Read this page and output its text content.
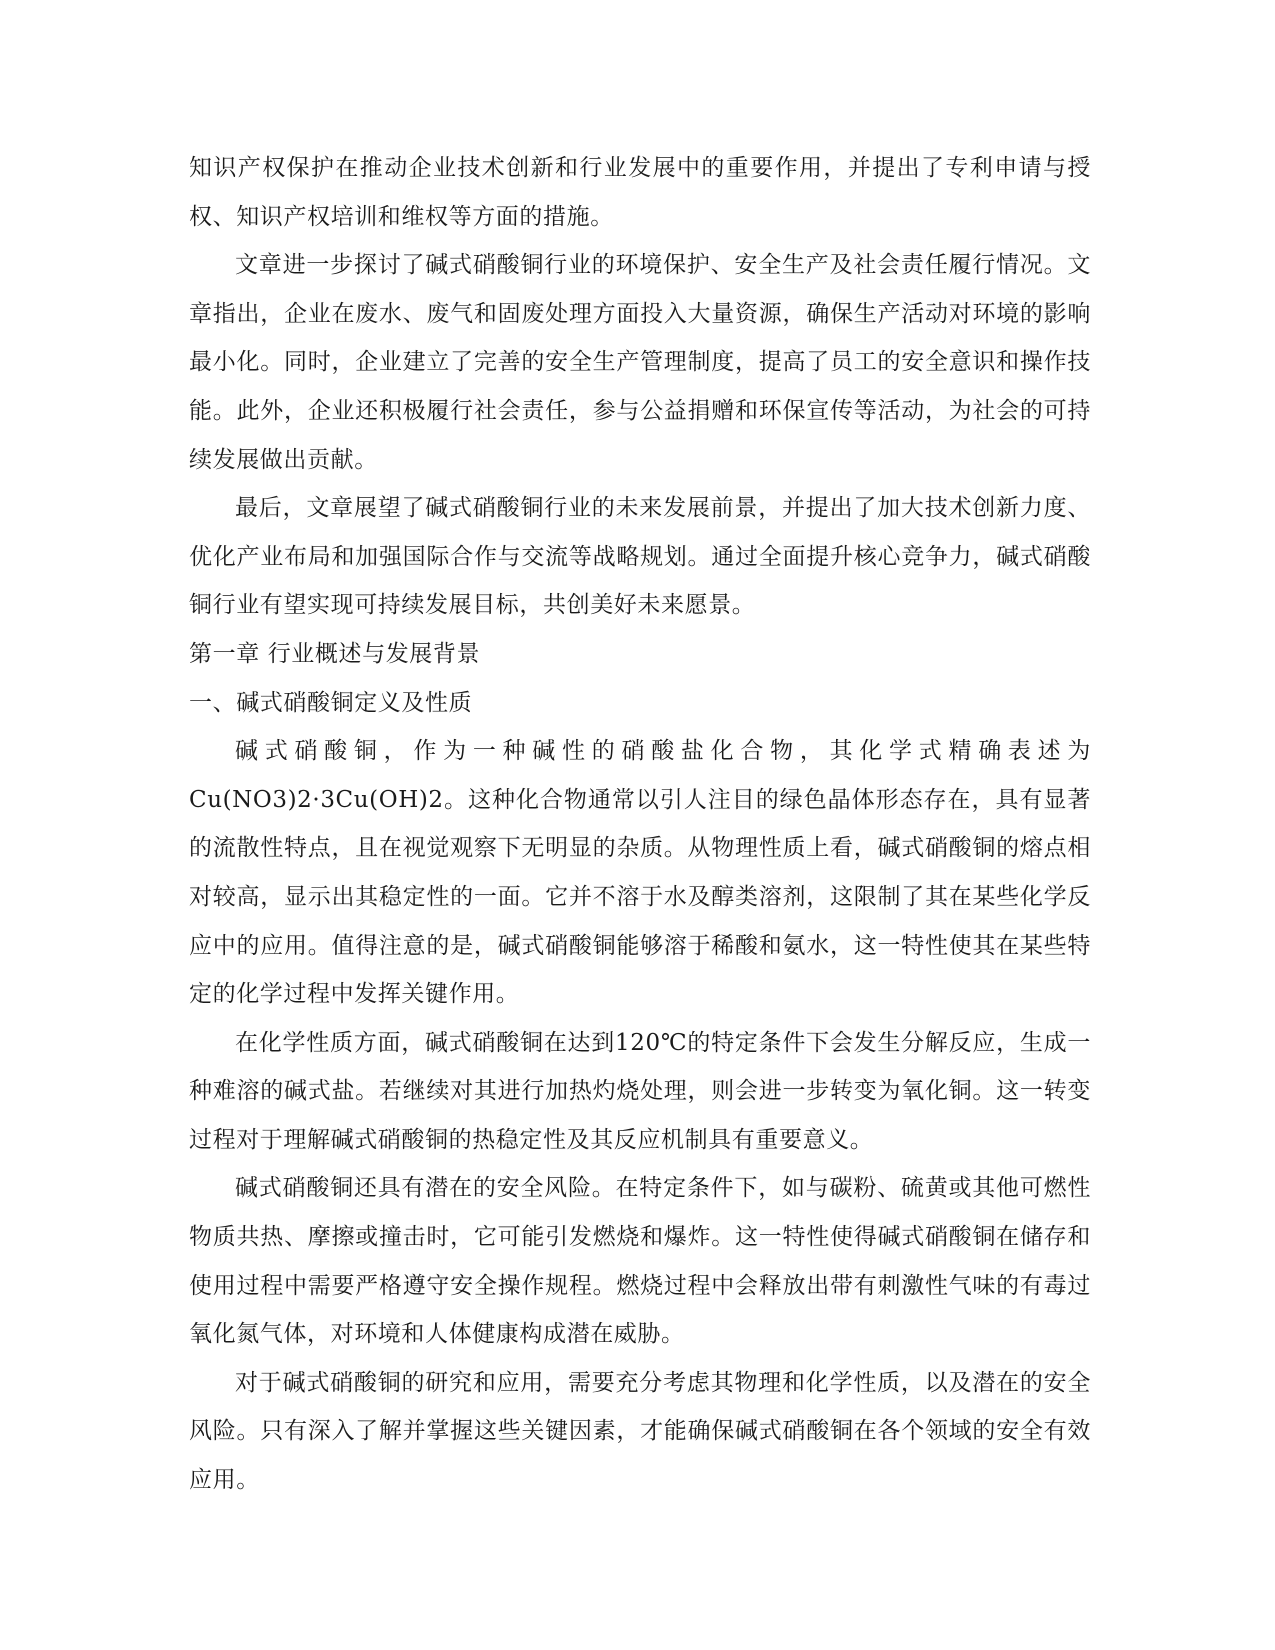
知识产权保护在推动企业技术创新和行业发展中的重要作用，并提出了专利申请与授权、知识产权培训和维权等方面的措施。

文章进一步探讨了碱式硝酸铜行业的环境保护、安全生产及社会责任履行情况。文章指出，企业在废水、废气和固废处理方面投入大量资源，确保生产活动对环境的影响最小化。同时，企业建立了完善的安全生产管理制度，提高了员工的安全意识和操作技能。此外，企业还积极履行社会责任，参与公益捐赠和环保宣传等活动，为社会的可持续发展做出贡献。

最后，文章展望了碱式硝酸铜行业的未来发展前景，并提出了加大技术创新力度、优化产业布局和加强国际合作与交流等战略规划。通过全面提升核心竞争力，碱式硝酸铜行业有望实现可持续发展目标，共创美好未来愿景。

第一章 行业概述与发展背景

一、碱式硝酸铜定义及性质

碱式硝酸铜，作为一种碱性的硝酸盐化合物，其化学式精确表述为Cu(NO3)2·3Cu(OH)2。这种化合物通常以引人注目的绿色晶体形态存在，具有显著的流散性特点，且在视觉观察下无明显的杂质。从物理性质上看，碱式硝酸铜的熔点相对较高，显示出其稳定性的一面。它并不溶于水及醇类溶剂，这限制了其在某些化学反应中的应用。值得注意的是，碱式硝酸铜能够溶于稀酸和氨水，这一特性使其在某些特定的化学过程中发挥关键作用。

在化学性质方面，碱式硝酸铜在达到120℃的特定条件下会发生分解反应，生成一种难溶的碱式盐。若继续对其进行加热灼烧处理，则会进一步转变为氧化铜。这一转变过程对于理解碱式硝酸铜的热稳定性及其反应机制具有重要意义。

碱式硝酸铜还具有潜在的安全风险。在特定条件下，如与碳粉、硫黄或其他可燃性物质共热、摩擦或撞击时，它可能引发燃烧和爆炸。这一特性使得碱式硝酸铜在储存和使用过程中需要严格遵守安全操作规程。燃烧过程中会释放出带有刺激性气味的有毒过氧化氮气体，对环境和人体健康构成潜在威胁。

对于碱式硝酸铜的研究和应用，需要充分考虑其物理和化学性质，以及潜在的安全风险。只有深入了解并掌握这些关键因素，才能确保碱式硝酸铜在各个领域的安全有效应用。
